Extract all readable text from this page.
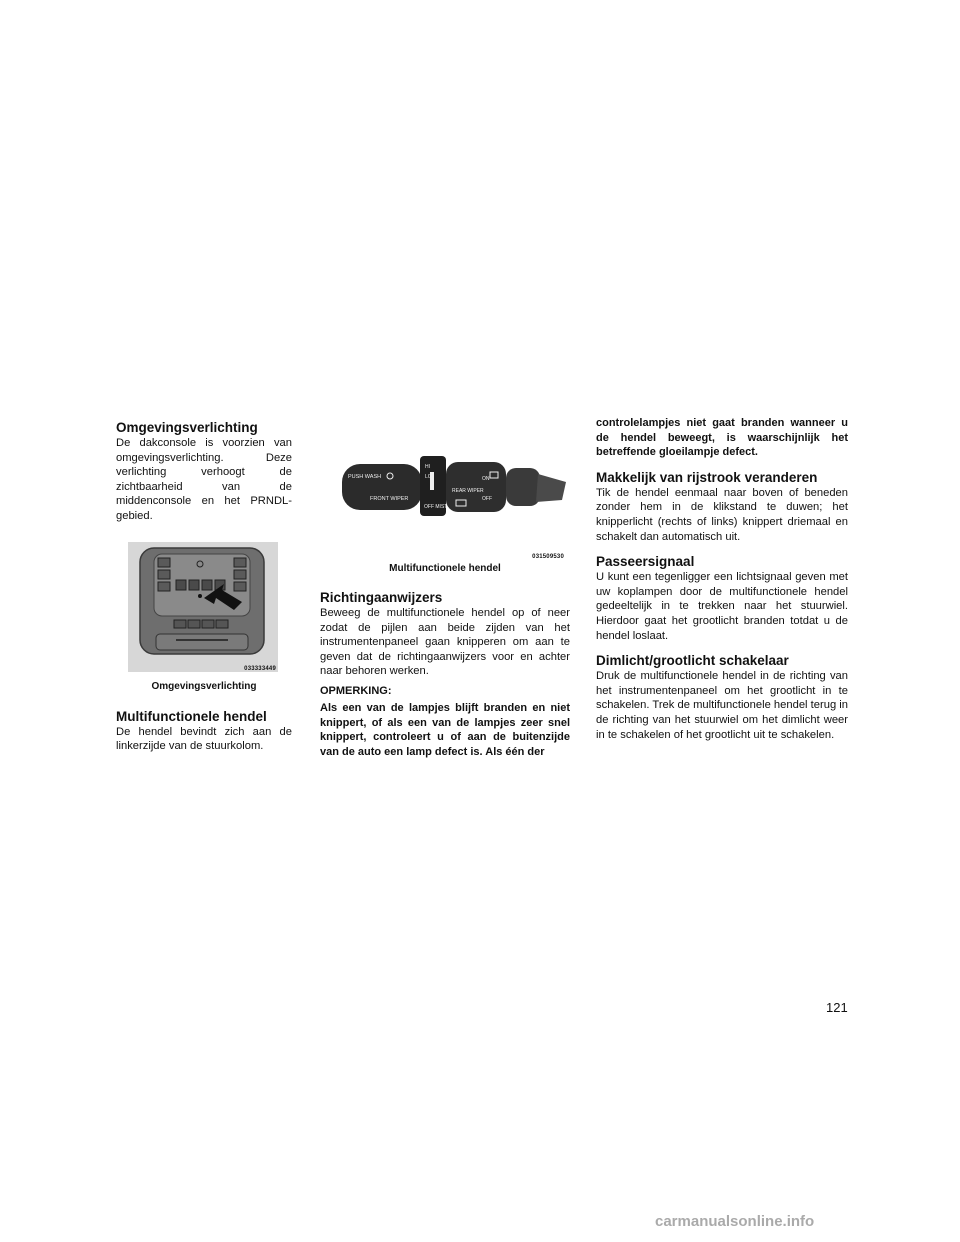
Omgevingsverlichting

De dakconsole is voorzien van omgevingsverlichting. Deze verlichting verhoogt de zichtbaarheid van de middenconsole en het PRNDL-gebied.

033333449
Omgevingsverlichting
Multifunctionele hendel

De hendel bevindt zich aan de linkerzijde van de stuurkolom.

PUSH WASH
FRONT WIPER
HI
LO
OFF MIST
REAR WIPER
ON
OFF
031509530
Multifunctionele hendel
Richtingaanwijzers

Beweeg de multifunctionele hendel op of neer zodat de pijlen aan beide zijden van het instrumentenpaneel gaan knipperen om aan te geven dat de richtingaanwijzers voor en achter naar behoren werken.

OPMERKING:

Als een van de lampjes blijft branden en niet knippert, of als een van de lampjes zeer snel knippert, controleert u of aan de buitenzijde van de auto een lamp defect is. Als één der

controlelampjes niet gaat branden wanneer u de hendel beweegt, is waarschijnlijk het betreffende gloeilampje defect.

Makkelijk van rijstrook veranderen

Tik de hendel eenmaal naar boven of beneden zonder hem in de klikstand te duwen; het knipperlicht (rechts of links) knippert driemaal en schakelt dan automatisch uit.

Passeersignaal

U kunt een tegenligger een lichtsignaal geven met uw koplampen door de multifunctionele hendel gedeeltelijk in te trekken naar het stuurwiel. Hierdoor gaat het grootlicht branden totdat u de hendel loslaat.

Dimlicht/grootlicht schakelaar

Druk de multifunctionele hendel in de richting van het instrumentenpaneel om het grootlicht in te schakelen. Trek de multifunctionele hendel terug in de richting van het stuurwiel om het dimlicht weer in te schakelen of het grootlicht uit te schakelen.

121
carmanualsonline.info
